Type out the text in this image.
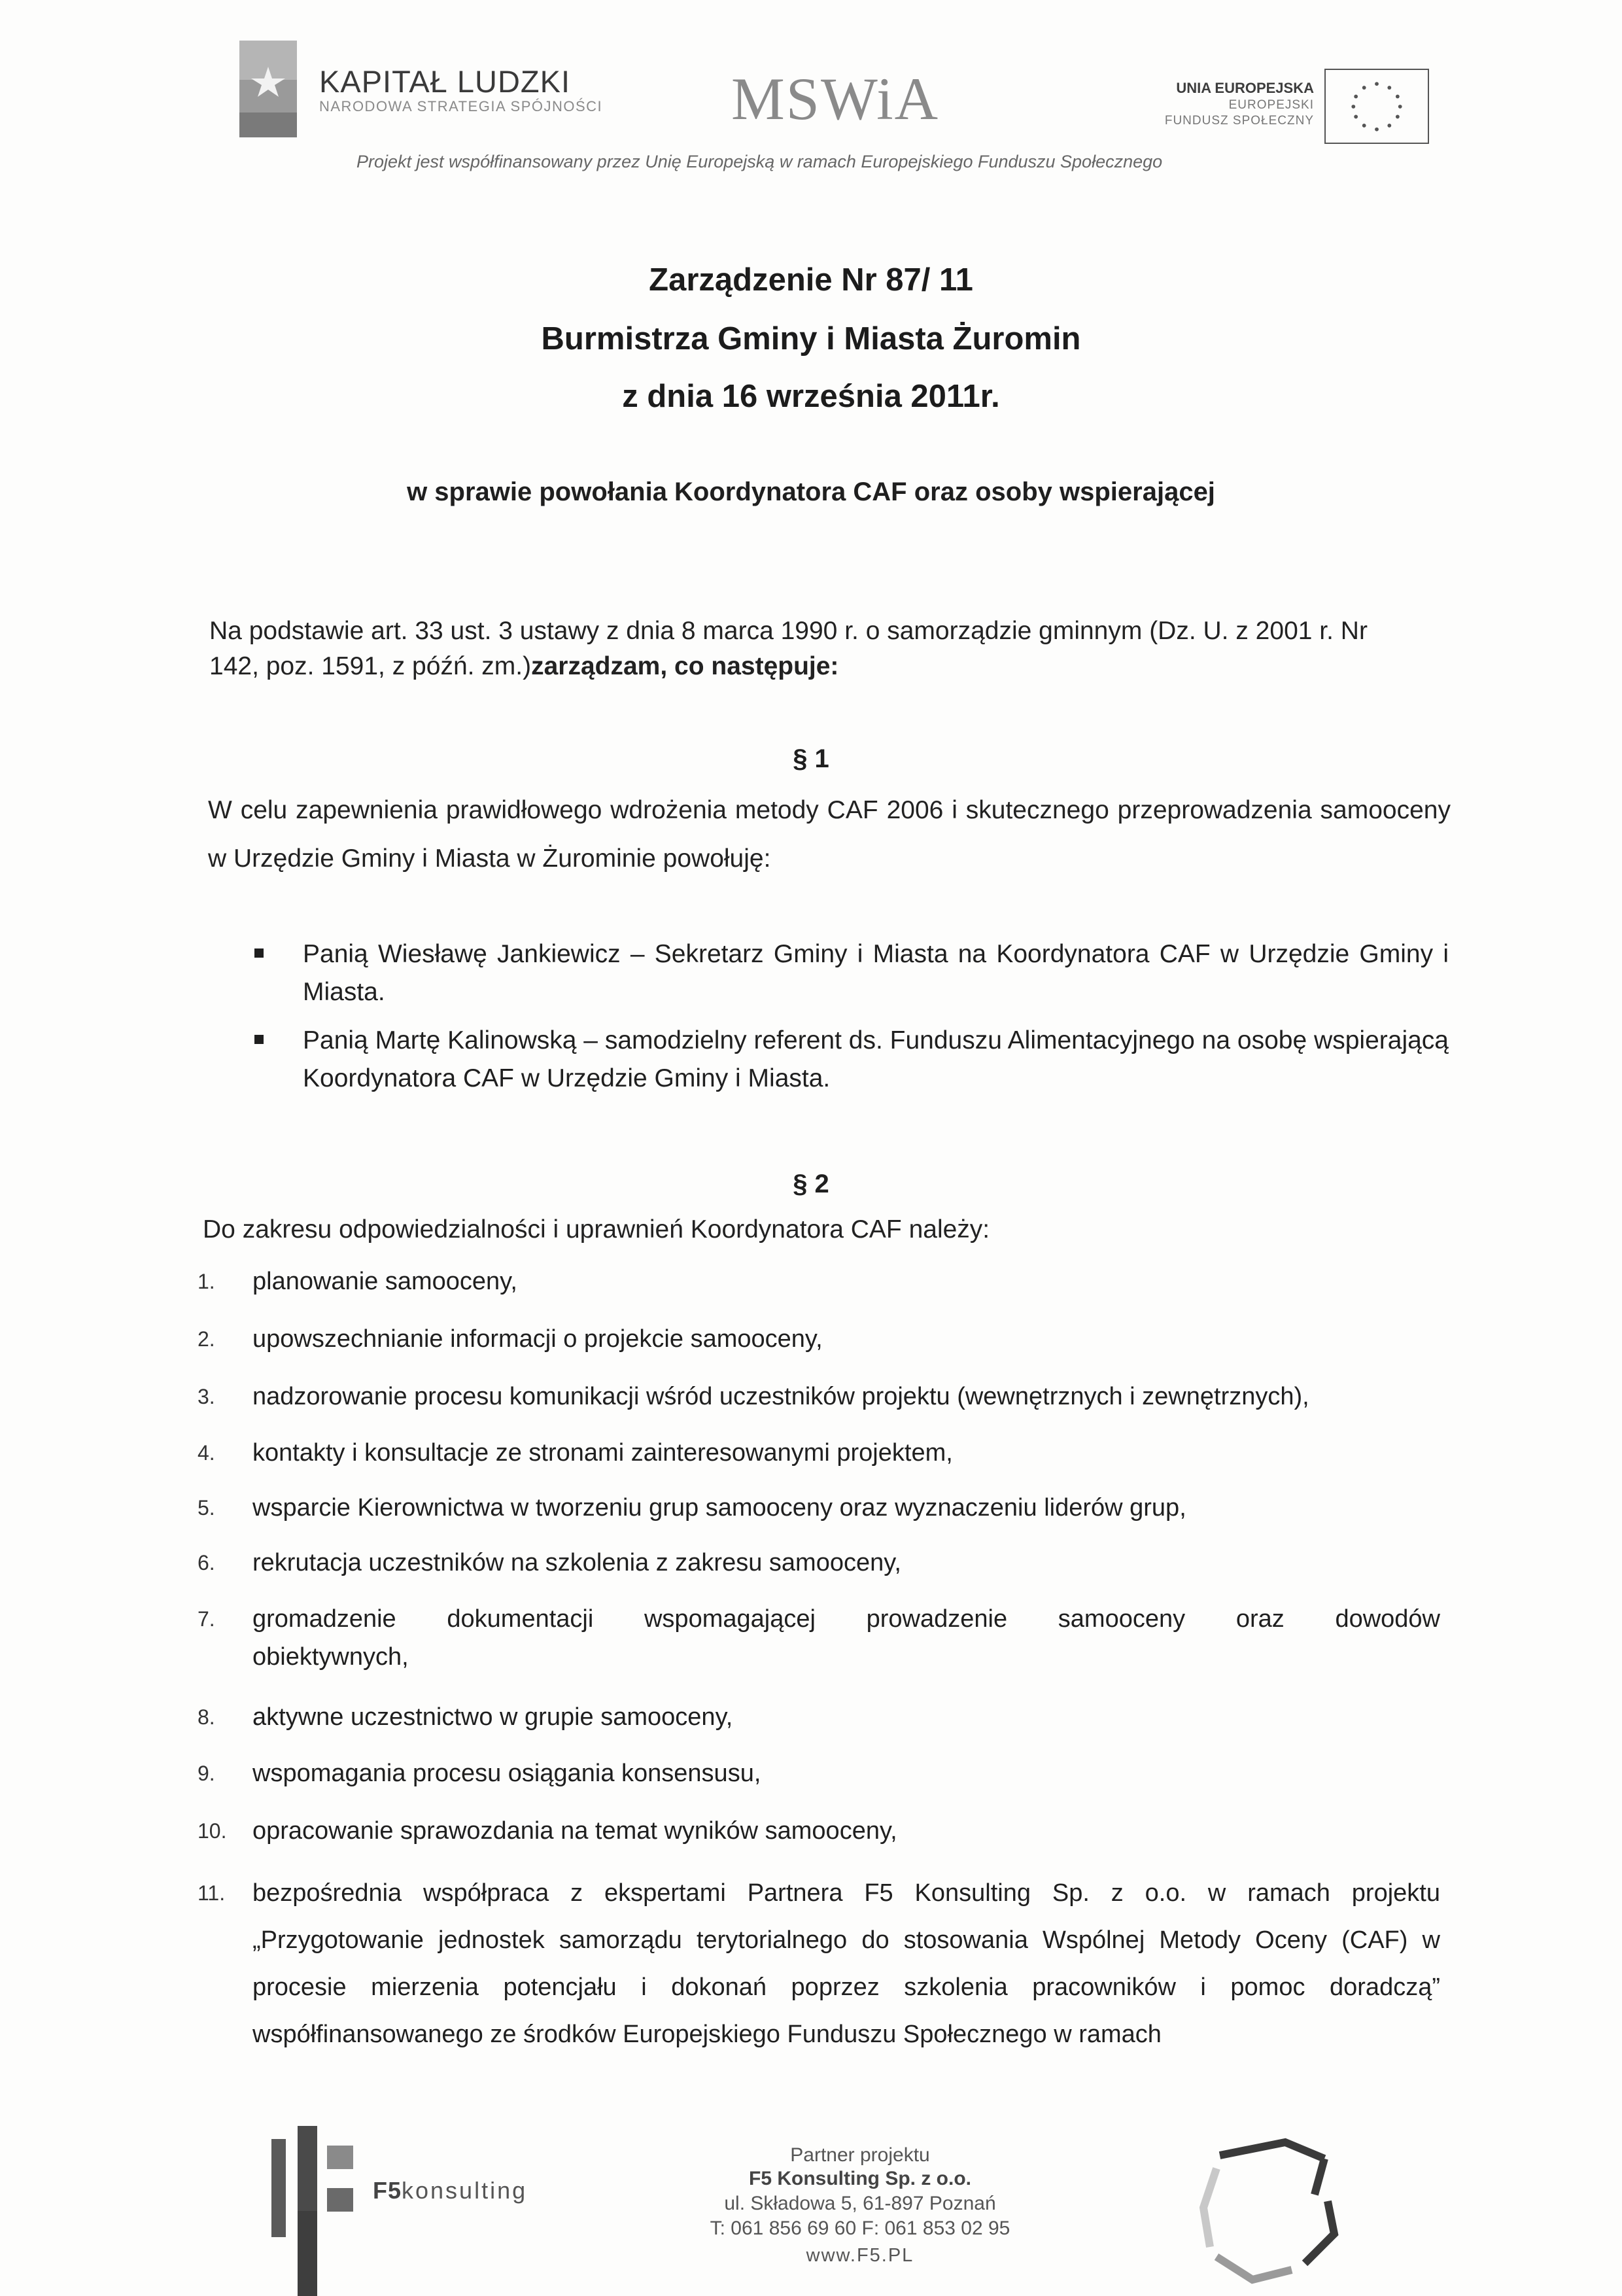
KAPITAŁ LUDZKI
NARODOWA STRATEGIA SPÓJNOŚCI MSWiA	UNIA EUROPEJSKA
EUROPEJSKI
FUNDUSZ SPOŁECZNY
Projekt jest współfinansowany przez Unię Europejską w ramach Europejskiego Funduszu Społecznego
Zarządzenie Nr 87/ 11
Burmistrza Gminy i Miasta Żuromin
z dnia 16 września 2011r.
w sprawie powołania Koordynatora CAF oraz osoby wspierającej
Na podstawie art. 33 ust. 3 ustawy z dnia 8 marca 1990 r. o samorządzie gminnym (Dz. U. z 2001 r. Nr 142, poz. 1591, z późń. zm.)zarządzam, co następuje:
§ 1
W celu zapewnienia prawidłowego wdrożenia metody CAF 2006 i skutecznego przeprowadzenia samooceny w Urzędzie Gminy i Miasta w Żurominie powołuję:
Panią Wiesławę Jankiewicz – Sekretarz Gminy i Miasta na Koordynatora CAF w Urzędzie Gminy i Miasta.
Panią Martę Kalinowską – samodzielny referent ds. Funduszu Alimentacyjnego na osobę wspierającą Koordynatora CAF w Urzędzie Gminy i Miasta.
§ 2
Do zakresu odpowiedzialności i uprawnień Koordynatora CAF należy:
1. planowanie samooceny,
2. upowszechnianie informacji o projekcie samooceny,
3. nadzorowanie procesu komunikacji wśród uczestników projektu (wewnętrznych i zewnętrznych),
4. kontakty i konsultacje ze stronami zainteresowanymi projektem,
5. wsparcie Kierownictwa w tworzeniu grup samooceny oraz wyznaczeniu liderów grup,
6. rekrutacja uczestników na szkolenia z zakresu samooceny,
7. gromadzenie dokumentacji wspomagającej prowadzenie samooceny oraz dowodów obiektywnych,
8. aktywne uczestnictwo w grupie samooceny,
9. wspomagania procesu osiągania konsensusu,
10. opracowanie sprawozdania na temat wyników samooceny,
11. bezpośrednia współpraca z ekspertami Partnera F5 Konsulting Sp. z o.o. w ramach projektu „Przygotowanie jednostek samorządu terytorialnego do stosowania Wspólnej Metody Oceny (CAF) w procesie mierzenia potencjału i dokonań poprzez szkolenia pracowników i pomoc doradczą” współfinansowanego ze środków Europejskiego Funduszu Społecznego w ramach
F5konsulting
Partner projektu
F5 Konsulting Sp. z o.o.
ul. Składowa 5, 61-897 Poznań
T: 061 856 69 60 F: 061 853 02 95
www.F5.PL
